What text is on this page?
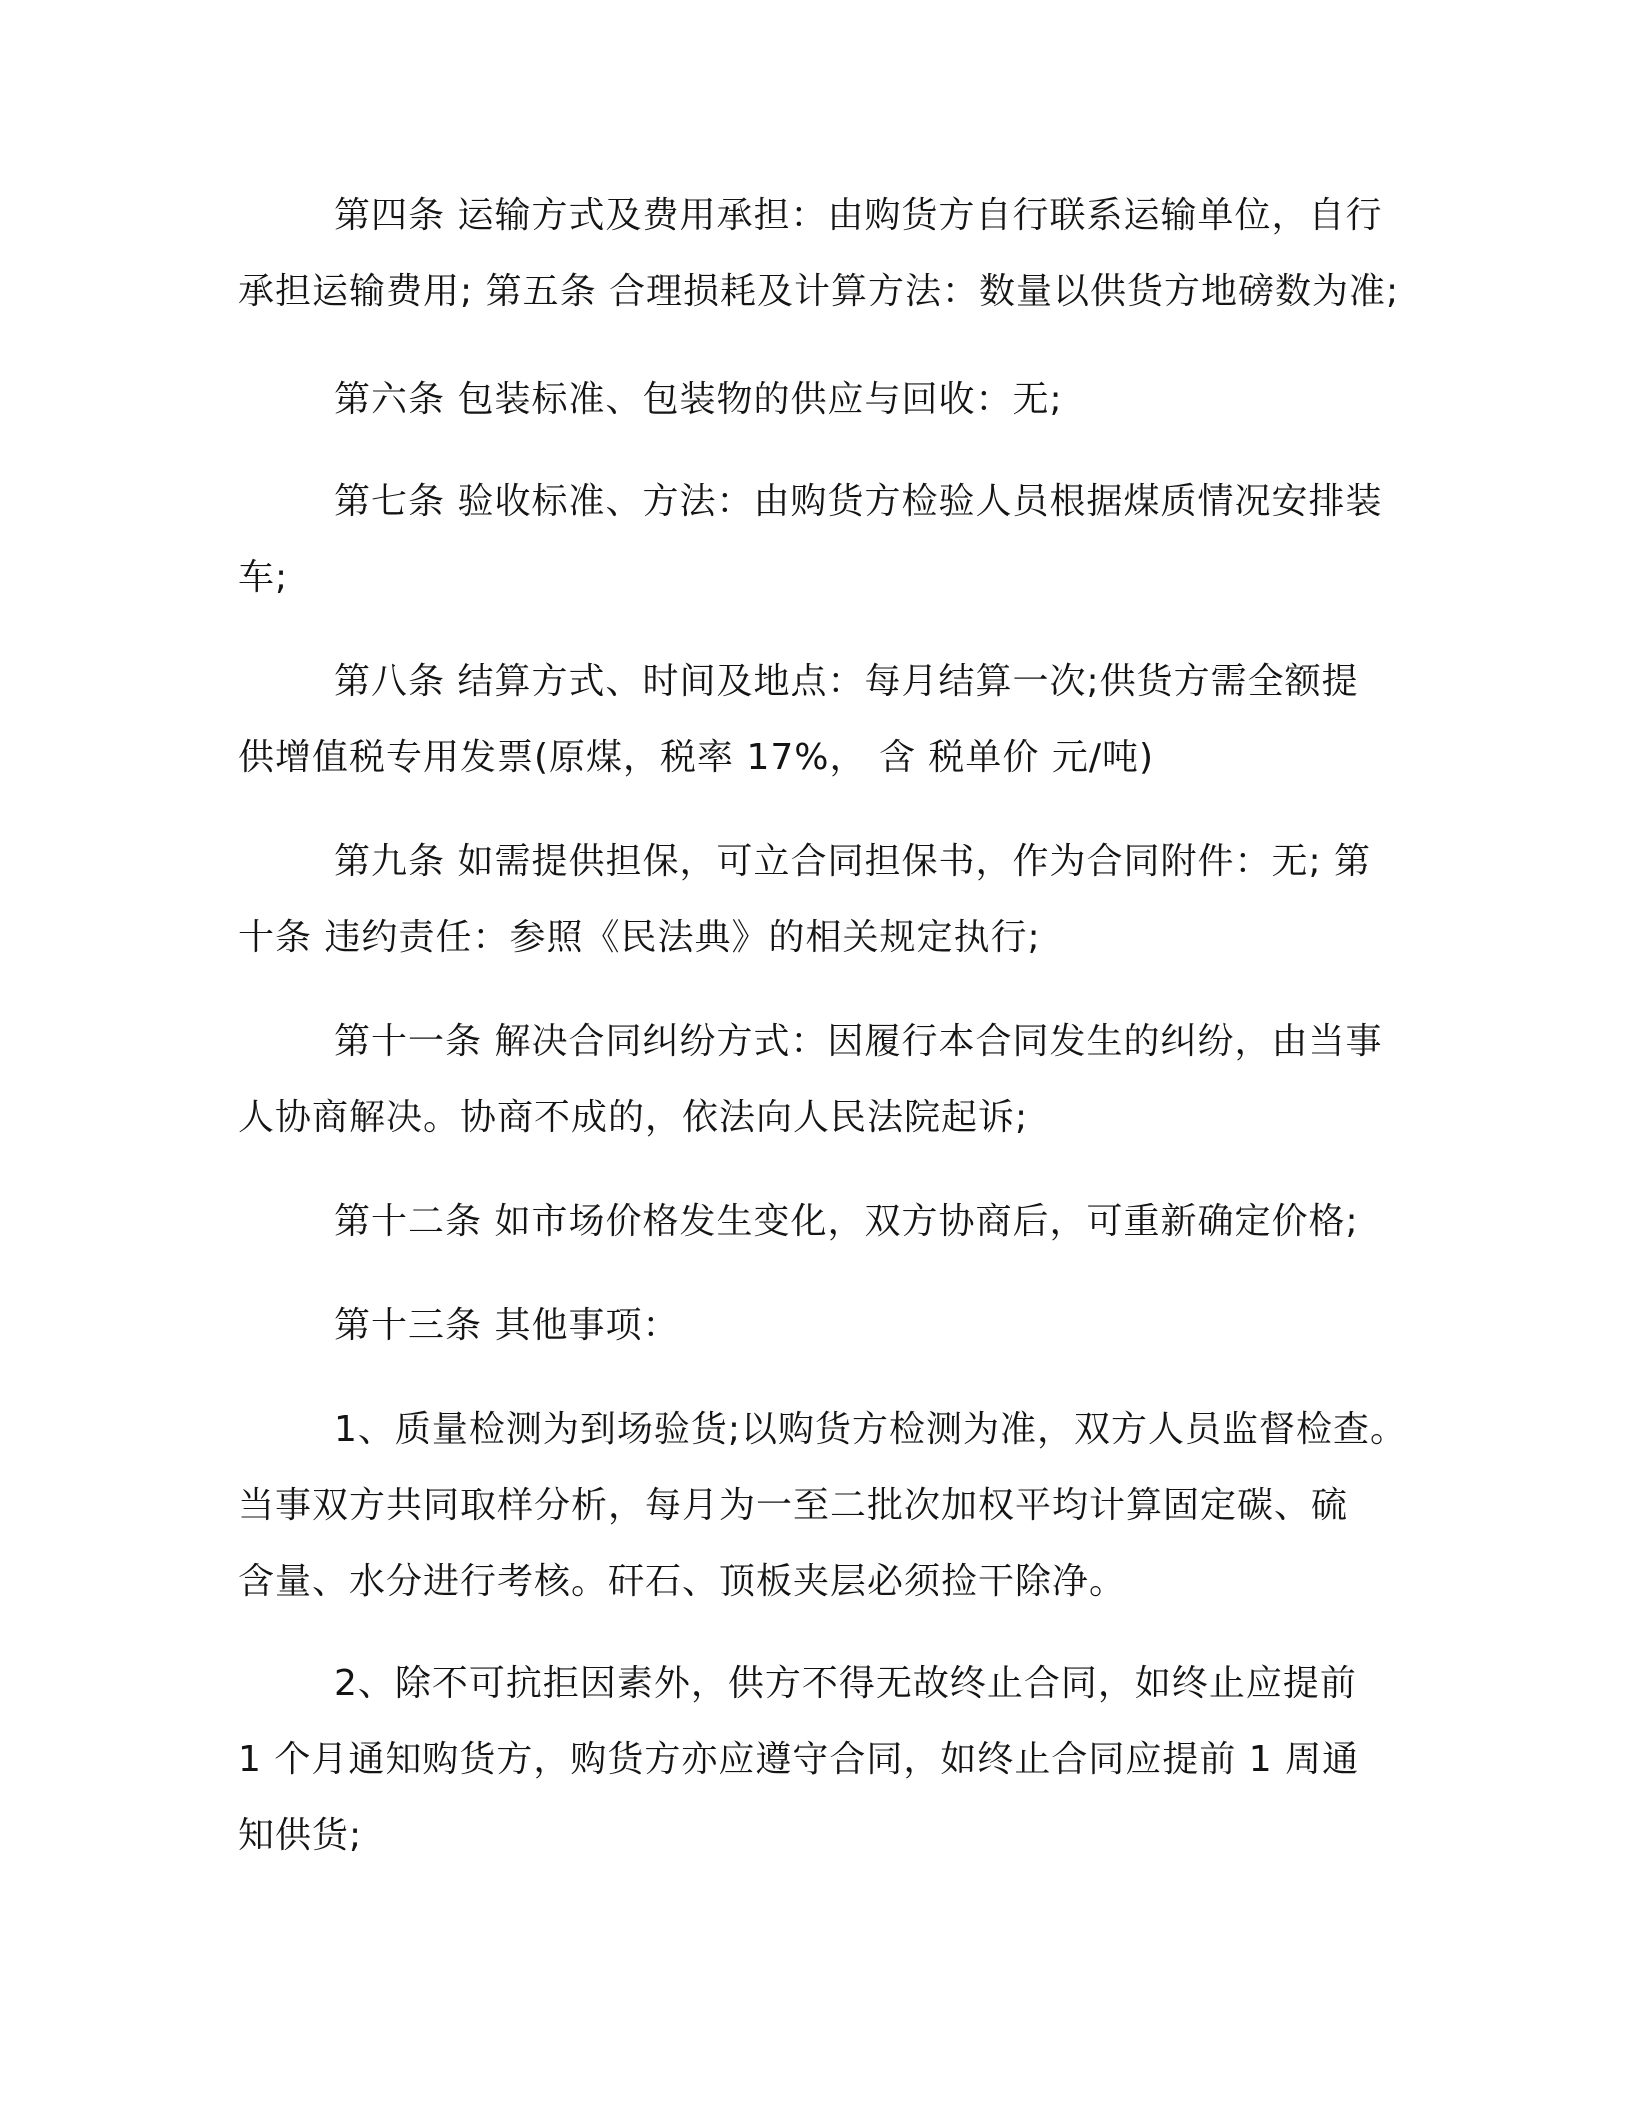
第四条 运输方式及费用承担：由购货方自行联系运输单位，自行
承担运输费用; 第五条 合理损耗及计算方法：数量以供货方地磅数为准;
第六条 包装标准、包装物的供应与回收：无;
第七条 验收标准、方法：由购货方检验人员根据煤质情况安排装
车;
第八条 结算方式、时间及地点：每月结算一次;供货方需全额提
供增值税专用发票(原煤，税率 17%， 含 税单价 元/吨)
第九条 如需提供担保，可立合同担保书，作为合同附件：无; 第
十条 违约责任：参照《民法典》的相关规定执行;
第十一条 解决合同纠纷方式：因履行本合同发生的纠纷，由当事
人协商解决。协商不成的，依法向人民法院起诉;
第十二条 如市场价格发生变化，双方协商后，可重新确定价格;
第十三条 其他事项：
1、质量检测为到场验货;以购货方检测为准，双方人员监督检查。
当事双方共同取样分析，每月为一至二批次加权平均计算固定碳、硫
含量、水分进行考核。矸石、顶板夹层必须捡干除净。
2、除不可抗拒因素外，供方不得无故终止合同，如终止应提前
1 个月通知购货方，购货方亦应遵守合同，如终止合同应提前 1 周通
知供货;
